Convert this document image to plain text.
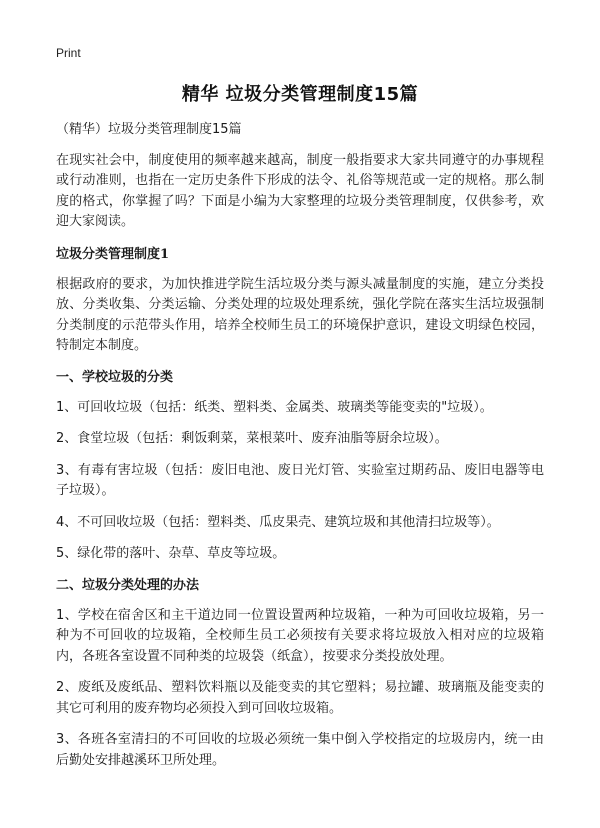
Print
精华 垃圾分类管理制度15篇

（精华）垃圾分类管理制度15篇

在现实社会中，制度使用的频率越来越高，制度一般指要求大家共同遵守的办事规程或行动准则，也指在一定历史条件下形成的法令、礼俗等规范或一定的规格。那么制度的格式，你掌握了吗？下面是小编为大家整理的垃圾分类管理制度，仅供参考，欢迎大家阅读。

垃圾分类管理制度1

根据政府的要求，为加快推进学院生活垃圾分类与源头减量制度的实施，建立分类投放、分类收集、分类运输、分类处理的垃圾处理系统，强化学院在落实生活垃圾强制分类制度的示范带头作用，培养全校师生员工的环境保护意识，建设文明绿色校园，特制定本制度。

一、学校垃圾的分类

1、可回收垃圾（包括：纸类、塑料类、金属类、玻璃类等能变卖的"垃圾）。

2、食堂垃圾（包括：剩饭剩菜，菜根菜叶、废弃油脂等厨余垃圾）。

3、有毒有害垃圾（包括：废旧电池、废日光灯管、实验室过期药品、废旧电器等电子垃圾）。

4、不可回收垃圾（包括：塑料类、瓜皮果壳、建筑垃圾和其他清扫垃圾等）。

5、绿化带的落叶、杂草、草皮等垃圾。

二、垃圾分类处理的办法

1、学校在宿舍区和主干道边同一位置设置两种垃圾箱，一种为可回收垃圾箱，另一种为不可回收的垃圾箱，全校师生员工必须按有关要求将垃圾放入相对应的垃圾箱内，各班各室设置不同种类的垃圾袋（纸盒），按要求分类投放处理。

2、废纸及废纸品、塑料饮料瓶以及能变卖的其它塑料；易拉罐、玻璃瓶及能变卖的其它可利用的废弃物均必须投入到可回收垃圾箱。

3、各班各室清扫的不可回收的垃圾必须统一集中倒入学校指定的垃圾房内，统一由后勤处安排越溪环卫所处理。
